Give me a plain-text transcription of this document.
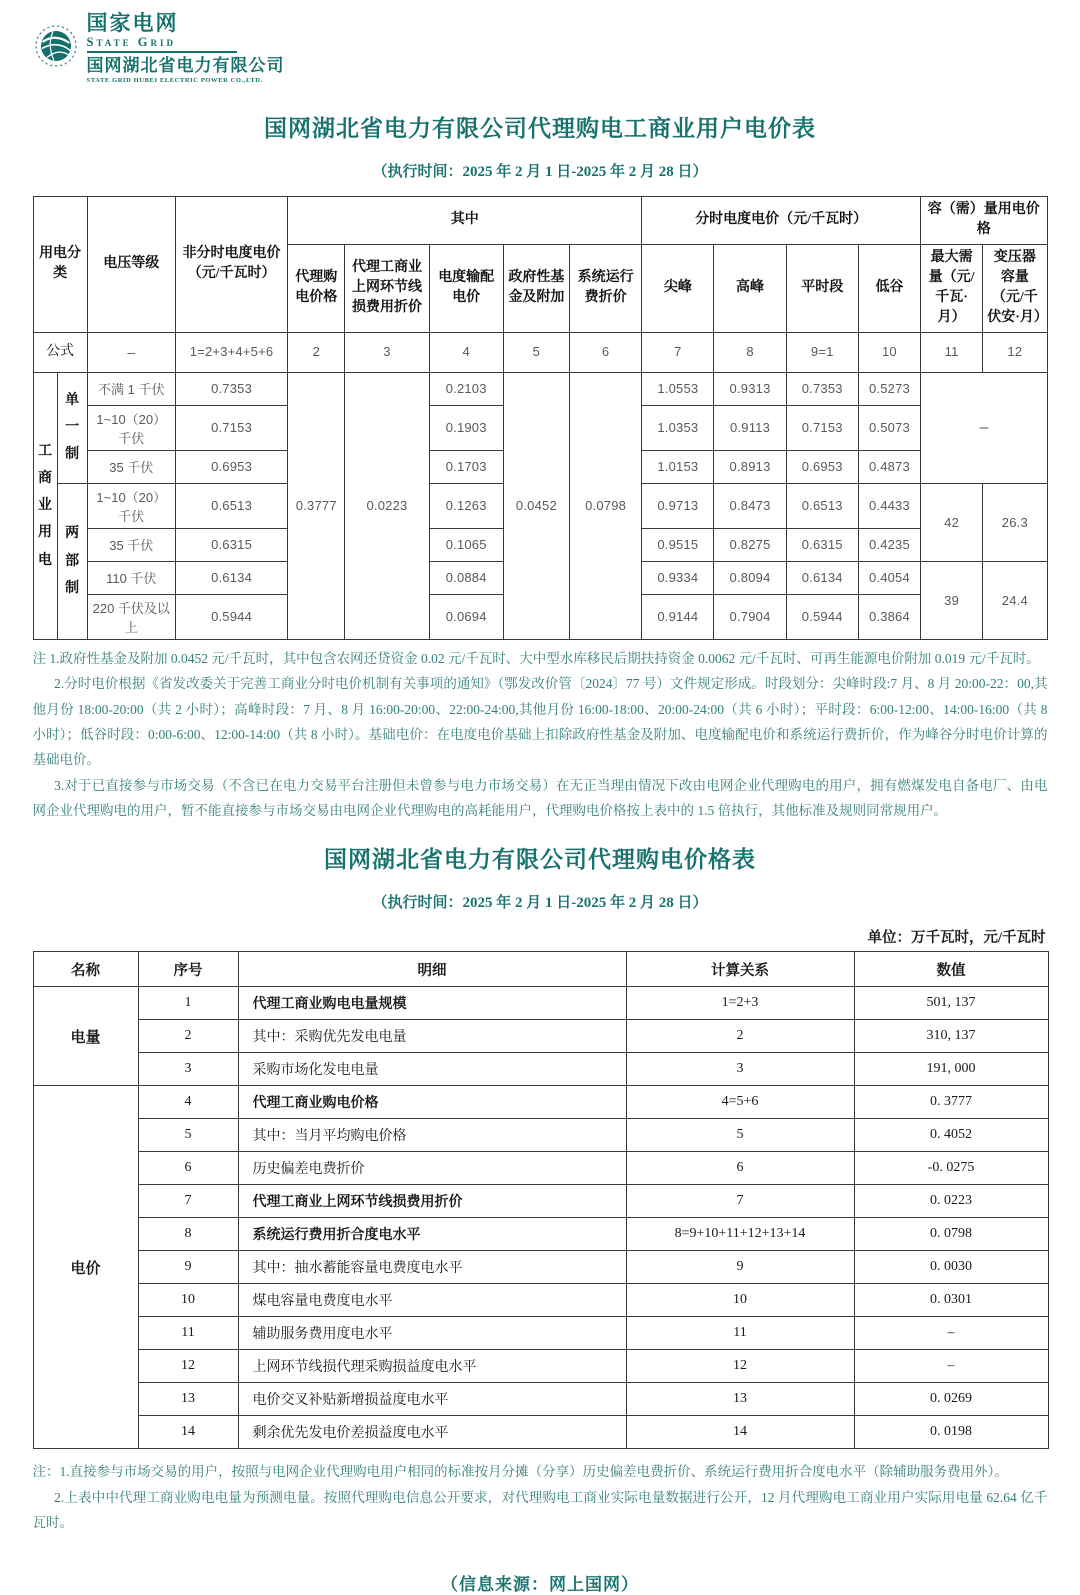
国家电网
State Grid
国网湖北省电力有限公司
STATE GRID HUBEI ELECTRIC POWER CO.,LTD.
国网湖北省电力有限公司代理购电工商业用户电价表
（执行时间：2025 年 2 月 1 日-2025 年 2 月 28 日）
用电分类		电压等级	非分时电度电价（元/千瓦时）	其中					分时电度电价（元/千瓦时）				容（需）量用电价格	
				代理购电价格	代理工商业上网环节线损费用折价	电度输配电价	政府性基金及附加	系统运行费折价	尖峰	高峰	平时段	低谷	最大需量（元/千瓦·月）	变压器容量（元/千伏安·月）
公式		–	1=2+3+4+5+6	2	3	4	5	6	7	8	9=1	10	11	12
工商业用电	单一制	不满 1 千伏	0.7353	0.3777	0.0223	0.2103	0.0452	0.0798	1.0553	0.9313	0.7353	0.5273	–	
		1~10（20）千伏	0.7153			0.1903			1.0353	0.9113	0.7153	0.5073		
		35 千伏	0.6953			0.1703			1.0153	0.8913	0.6953	0.4873		
	两部制	1~10（20）千伏	0.6513			0.1263			0.9713	0.8473	0.6513	0.4433	42	26.3
		35 千伏	0.6315			0.1065			0.9515	0.8275	0.6315	0.4235		
		110 千伏	0.6134			0.0884			0.9334	0.8094	0.6134	0.4054	39	24.4
		220 千伏及以上	0.5944			0.0694			0.9144	0.7904	0.5944	0.3864		

注 1.政府性基金及附加 0.0452 元/千瓦时，其中包含农网还贷资金 0.02 元/千瓦时、大中型水库移民后期扶持资金 0.0062 元/千瓦时、可再生能源电价附加 0.019 元/千瓦时。

2.分时电价根据《省发改委关于完善工商业分时电价机制有关事项的通知》（鄂发改价管〔2024〕77 号）文件规定形成。时段划分：尖峰时段:7 月、8 月 20:00-22：00,其他月份 18:00-20:00（共 2 小时）；高峰时段：7 月、8 月 16:00-20:00、22:00-24:00,其他月份 16:00-18:00、20:00-24:00（共 6 小时）；平时段：6:00-12:00、14:00-16:00（共 8 小时）；低谷时段：0:00-6:00、12:00-14:00（共 8 小时）。基础电价：在电度电价基础上扣除政府性基金及附加、电度输配电价和系统运行费折价，作为峰谷分时电价计算的基础电价。

3.对于已直接参与市场交易（不含已在电力交易平台注册但未曾参与电力市场交易）在无正当理由情况下改由电网企业代理购电的用户，拥有燃煤发电自备电厂、由电网企业代理购电的用户，暂不能直接参与市场交易由电网企业代理购电的高耗能用户，代理购电价格按上表中的 1.5 倍执行，其他标准及规则同常规用户。

国网湖北省电力有限公司代理购电价格表
（执行时间：2025 年 2 月 1 日-2025 年 2 月 28 日）
单位：万千瓦时，元/千瓦时
名称	序号	明细	计算关系	数值
电量	1	代理工商业购电电量规模	1=2+3	501, 137
	2	其中：采购优先发电电量	2	310, 137
	3	采购市场化发电电量	3	191, 000
电价	4	代理工商业购电价格	4=5+6	0. 3777
	5	其中：当月平均购电价格	5	0. 4052
	6	历史偏差电费折价	6	-0. 0275
	7	代理工商业上网环节线损费用折价	7	0. 0223
	8	系统运行费用折合度电水平	8=9+10+11+12+13+14	0. 0798
	9	其中：抽水蓄能容量电费度电水平	9	0. 0030
	10	煤电容量电费度电水平	10	0. 0301
	11	辅助服务费用度电水平	11	–
	12	上网环节线损代理采购损益度电水平	12	–
	13	电价交叉补贴新增损益度电水平	13	0. 0269
	14	剩余优先发电价差损益度电水平	14	0. 0198

注：1.直接参与市场交易的用户，按照与电网企业代理购电用户相同的标准按月分摊（分享）历史偏差电费折价、系统运行费用折合度电水平（除辅助服务费用外）。

2.上表中中代理工商业购电电量为预测电量。按照代理购电信息公开要求，对代理购电工商业实际电量数据进行公开，12 月代理购电工商业用户实际用电量 62.64 亿千瓦时。

（信息来源：网上国网）
